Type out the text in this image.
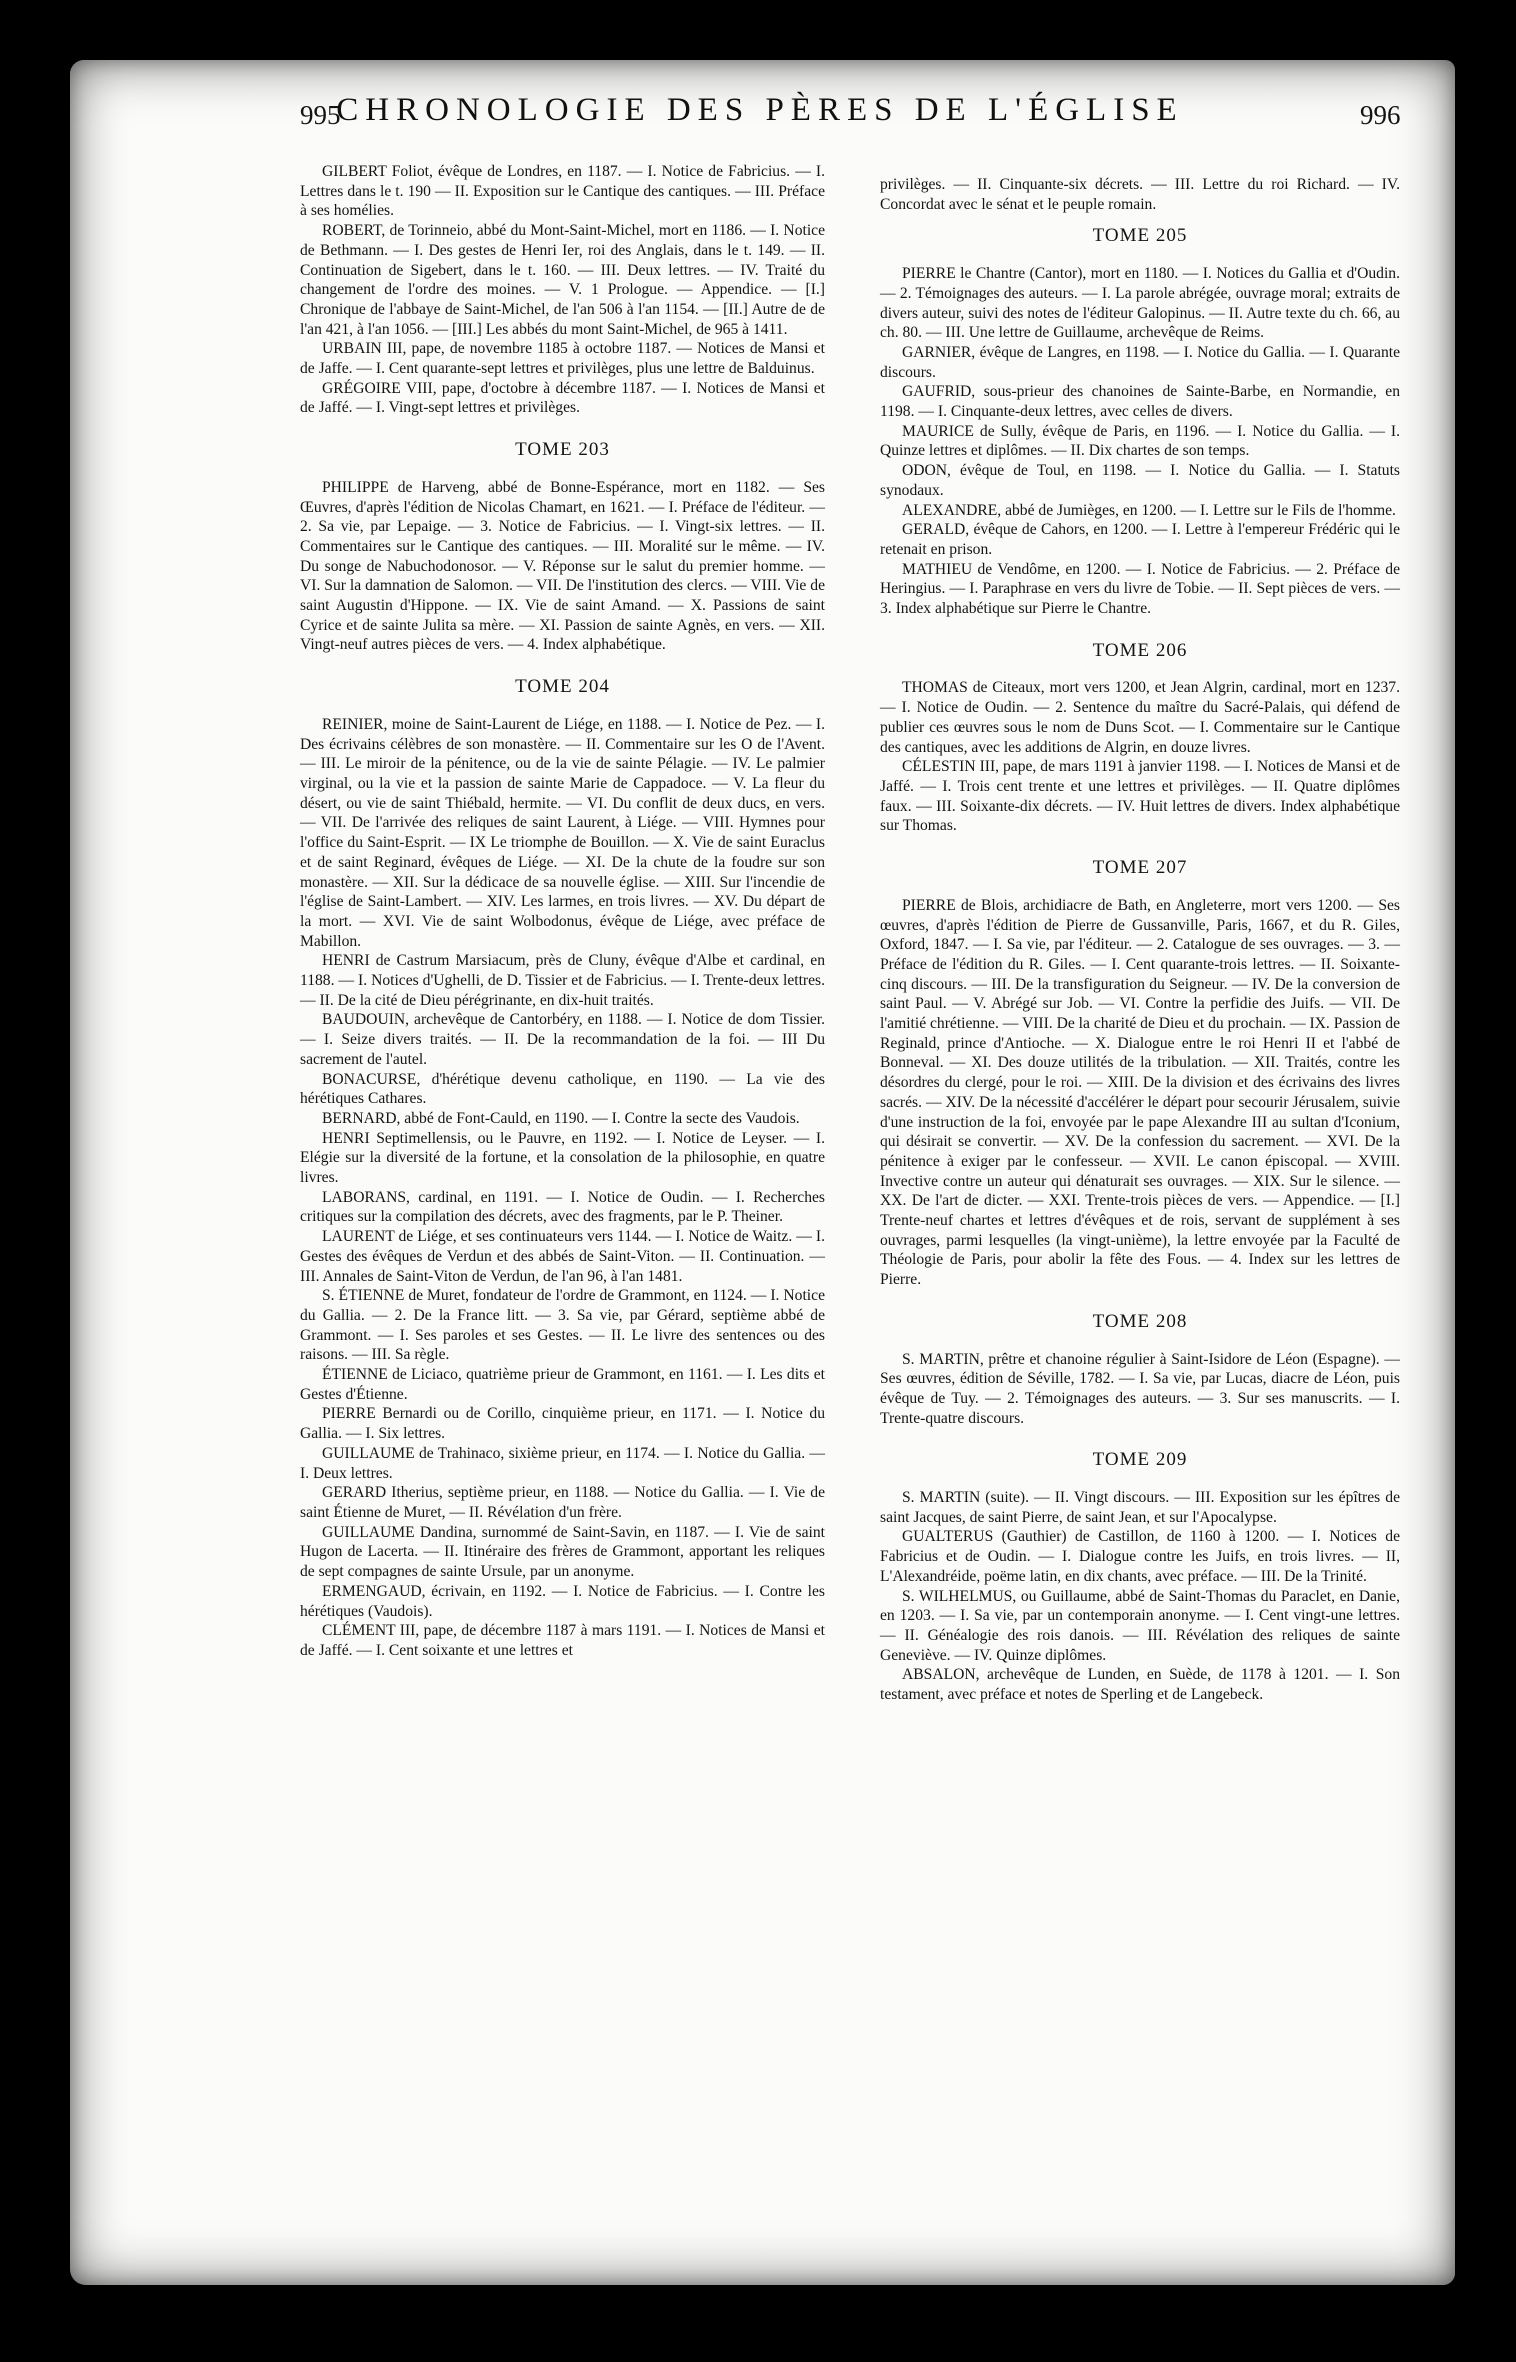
995
CHRONOLOGIE DES PÈRES DE L'ÉGLISE	996

GILBERT Foliot, évêque de Londres, en 1187. — I. Notice de Fabricius. — I. Lettres dans le t. 190 — II. Exposition sur le Cantique des cantiques. — III. Préface à ses homélies.

ROBERT, de Torinneio, abbé du Mont-Saint-Michel, mort en 1186. — I. Notice de Bethmann. — I. Des gestes de Henri Ier, roi des Anglais, dans le t. 149. — II. Continuation de Sigebert, dans le t. 160. — III. Deux lettres. — IV. Traité du changement de l'ordre des moines. — V. 1 Prologue. — Appendice. — [I.] Chronique de l'abbaye de Saint-Michel, de l'an 506 à l'an 1154. — [II.] Autre de de l'an 421, à l'an 1056. — [III.] Les abbés du mont Saint-Michel, de 965 à 1411.

URBAIN III, pape, de novembre 1185 à octobre 1187. — Notices de Mansi et de Jaffe. — I. Cent quarante-sept lettres et privilèges, plus une lettre de Balduinus.

GRÉGOIRE VIII, pape, d'octobre à décembre 1187. — I. Notices de Mansi et de Jaffé. — I. Vingt-sept lettres et privilèges.

TOME 203

PHILIPPE de Harveng, abbé de Bonne-Espérance, mort en 1182. — Ses Œuvres, d'après l'édition de Nicolas Chamart, en 1621. — I. Préface de l'éditeur. — 2. Sa vie, par Lepaige. — 3. Notice de Fabricius. — I. Vingt-six lettres. — II. Commentaires sur le Cantique des cantiques. — III. Moralité sur le même. — IV. Du songe de Nabuchodonosor. — V. Réponse sur le salut du premier homme. — VI. Sur la damnation de Salomon. — VII. De l'institution des clercs. — VIII. Vie de saint Augustin d'Hippone. — IX. Vie de saint Amand. — X. Passions de saint Cyrice et de sainte Julita sa mère. — XI. Passion de sainte Agnès, en vers. — XII. Vingt-neuf autres pièces de vers. — 4. Index alphabétique.

TOME 204

REINIER, moine de Saint-Laurent de Liége, en 1188. — I. Notice de Pez. — I. Des écrivains célèbres de son monastère. — II. Commentaire sur les O de l'Avent. — III. Le miroir de la pénitence, ou de la vie de sainte Pélagie. — IV. Le palmier virginal, ou la vie et la passion de sainte Marie de Cappadoce. — V. La fleur du désert, ou vie de saint Thiébald, hermite. — VI. Du conflit de deux ducs, en vers. — VII. De l'arrivée des reliques de saint Laurent, à Liége. — VIII. Hymnes pour l'office du Saint-Esprit. — IX Le triomphe de Bouillon. — X. Vie de saint Euraclus et de saint Reginard, évêques de Liége. — XI. De la chute de la foudre sur son monastère. — XII. Sur la dédicace de sa nouvelle église. — XIII. Sur l'incendie de l'église de Saint-Lambert. — XIV. Les larmes, en trois livres. — XV. Du départ de la mort. — XVI. Vie de saint Wolbodonus, évêque de Liége, avec préface de Mabillon.

HENRI de Castrum Marsiacum, près de Cluny, évêque d'Albe et cardinal, en 1188. — I. Notices d'Ughelli, de D. Tissier et de Fabricius. — I. Trente-deux lettres. — II. De la cité de Dieu pérégrinante, en dix-huit traités.

BAUDOUIN, archevêque de Cantorbéry, en 1188. — I. Notice de dom Tissier. — I. Seize divers traités. — II. De la recommandation de la foi. — III Du sacrement de l'autel.

BONACURSE, d'hérétique devenu catholique, en 1190. — La vie des hérétiques Cathares.

BERNARD, abbé de Font-Cauld, en 1190. — I. Contre la secte des Vaudois.

HENRI Septimellensis, ou le Pauvre, en 1192. — I. Notice de Leyser. — I. Elégie sur la diversité de la fortune, et la consolation de la philosophie, en quatre livres.

LABORANS, cardinal, en 1191. — I. Notice de Oudin. — I. Recherches critiques sur la compilation des décrets, avec des fragments, par le P. Theiner.

LAURENT de Liége, et ses continuateurs vers 1144. — I. Notice de Waitz. — I. Gestes des évêques de Verdun et des abbés de Saint-Viton. — II. Continuation. — III. Annales de Saint-Viton de Verdun, de l'an 96, à l'an 1481.

S. ÉTIENNE de Muret, fondateur de l'ordre de Grammont, en 1124. — I. Notice du Gallia. — 2. De la France litt. — 3. Sa vie, par Gérard, septième abbé de Grammont. — I. Ses paroles et ses Gestes. — II. Le livre des sentences ou des raisons. — III. Sa règle.

ÉTIENNE de Liciaco, quatrième prieur de Grammont, en 1161. — I. Les dits et Gestes d'Étienne.

PIERRE Bernardi ou de Corillo, cinquième prieur, en 1171. — I. Notice du Gallia. — I. Six lettres.

GUILLAUME de Trahinaco, sixième prieur, en 1174. — I. Notice du Gallia. — I. Deux lettres.

GERARD Itherius, septième prieur, en 1188. — Notice du Gallia. — I. Vie de saint Étienne de Muret, — II. Révélation d'un frère.

GUILLAUME Dandina, surnommé de Saint-Savin, en 1187. — I. Vie de saint Hugon de Lacerta. — II. Itinéraire des frères de Grammont, apportant les reliques de sept compagnes de sainte Ursule, par un anonyme.

ERMENGAUD, écrivain, en 1192. — I. Notice de Fabricius. — I. Contre les hérétiques (Vaudois).

CLÉMENT III, pape, de décembre 1187 à mars 1191. — I. Notices de Mansi et de Jaffé. — I. Cent soixante et une lettres et

privilèges. — II. Cinquante-six décrets. — III. Lettre du roi Richard. — IV. Concordat avec le sénat et le peuple romain.

TOME 205

PIERRE le Chantre (Cantor), mort en 1180. — I. Notices du Gallia et d'Oudin. — 2. Témoignages des auteurs. — I. La parole abrégée, ouvrage moral; extraits de divers auteur, suivi des notes de l'éditeur Galopinus. — II. Autre texte du ch. 66, au ch. 80. — III. Une lettre de Guillaume, archevêque de Reims.

GARNIER, évêque de Langres, en 1198. — I. Notice du Gallia. — I. Quarante discours.

GAUFRID, sous-prieur des chanoines de Sainte-Barbe, en Normandie, en 1198. — I. Cinquante-deux lettres, avec celles de divers.

MAURICE de Sully, évêque de Paris, en 1196. — I. Notice du Gallia. — I. Quinze lettres et diplômes. — II. Dix chartes de son temps.

ODON, évêque de Toul, en 1198. — I. Notice du Gallia. — I. Statuts synodaux.

ALEXANDRE, abbé de Jumièges, en 1200. — I. Lettre sur le Fils de l'homme.

GERALD, évêque de Cahors, en 1200. — I. Lettre à l'empereur Frédéric qui le retenait en prison.

MATHIEU de Vendôme, en 1200. — I. Notice de Fabricius. — 2. Préface de Heringius. — I. Paraphrase en vers du livre de Tobie. — II. Sept pièces de vers. — 3. Index alphabétique sur Pierre le Chantre.

TOME 206

THOMAS de Citeaux, mort vers 1200, et Jean Algrin, cardinal, mort en 1237. — I. Notice de Oudin. — 2. Sentence du maître du Sacré-Palais, qui défend de publier ces œuvres sous le nom de Duns Scot. — I. Commentaire sur le Cantique des cantiques, avec les additions de Algrin, en douze livres.

CÉLESTIN III, pape, de mars 1191 à janvier 1198. — I. Notices de Mansi et de Jaffé. — I. Trois cent trente et une lettres et privilèges. — II. Quatre diplômes faux. — III. Soixante-dix décrets. — IV. Huit lettres de divers. Index alphabétique sur Thomas.

TOME 207

PIERRE de Blois, archidiacre de Bath, en Angleterre, mort vers 1200. — Ses œuvres, d'après l'édition de Pierre de Gussanville, Paris, 1667, et du R. Giles, Oxford, 1847. — I. Sa vie, par l'éditeur. — 2. Catalogue de ses ouvrages. — 3. — Préface de l'édition du R. Giles. — I. Cent quarante-trois lettres. — II. Soixante-cinq discours. — III. De la transfiguration du Seigneur. — IV. De la conversion de saint Paul. — V. Abrégé sur Job. — VI. Contre la perfidie des Juifs. — VII. De l'amitié chrétienne. — VIII. De la charité de Dieu et du prochain. — IX. Passion de Reginald, prince d'Antioche. — X. Dialogue entre le roi Henri II et l'abbé de Bonneval. — XI. Des douze utilités de la tribulation. — XII. Traités, contre les désordres du clergé, pour le roi. — XIII. De la division et des écrivains des livres sacrés. — XIV. De la nécessité d'accélérer le départ pour secourir Jérusalem, suivie d'une instruction de la foi, envoyée par le pape Alexandre III au sultan d'Iconium, qui désirait se convertir. — XV. De la confession du sacrement. — XVI. De la pénitence à exiger par le confesseur. — XVII. Le canon épiscopal. — XVIII. Invective contre un auteur qui dénaturait ses ouvrages. — XIX. Sur le silence. — XX. De l'art de dicter. — XXI. Trente-trois pièces de vers. — Appendice. — [I.] Trente-neuf chartes et lettres d'évêques et de rois, servant de supplément à ses ouvrages, parmi lesquelles (la vingt-unième), la lettre envoyée par la Faculté de Théologie de Paris, pour abolir la fête des Fous. — 4. Index sur les lettres de Pierre.

TOME 208

S. MARTIN, prêtre et chanoine régulier à Saint-Isidore de Léon (Espagne). — Ses œuvres, édition de Séville, 1782. — I. Sa vie, par Lucas, diacre de Léon, puis évêque de Tuy. — 2. Témoignages des auteurs. — 3. Sur ses manuscrits. — I. Trente-quatre discours.

TOME 209

S. MARTIN (suite). — II. Vingt discours. — III. Exposition sur les épîtres de saint Jacques, de saint Pierre, de saint Jean, et sur l'Apocalypse.

GUALTERUS (Gauthier) de Castillon, de 1160 à 1200. — I. Notices de Fabricius et de Oudin. — I. Dialogue contre les Juifs, en trois livres. — II, L'Alexandréide, poëme latin, en dix chants, avec préface. — III. De la Trinité.

S. WILHELMUS, ou Guillaume, abbé de Saint-Thomas du Paraclet, en Danie, en 1203. — I. Sa vie, par un contemporain anonyme. — I. Cent vingt-une lettres. — II. Généalogie des rois danois. — III. Révélation des reliques de sainte Geneviève. — IV. Quinze diplômes.

ABSALON, archevêque de Lunden, en Suède, de 1178 à 1201. — I. Son testament, avec préface et notes de Sperling et de Langebeck.
